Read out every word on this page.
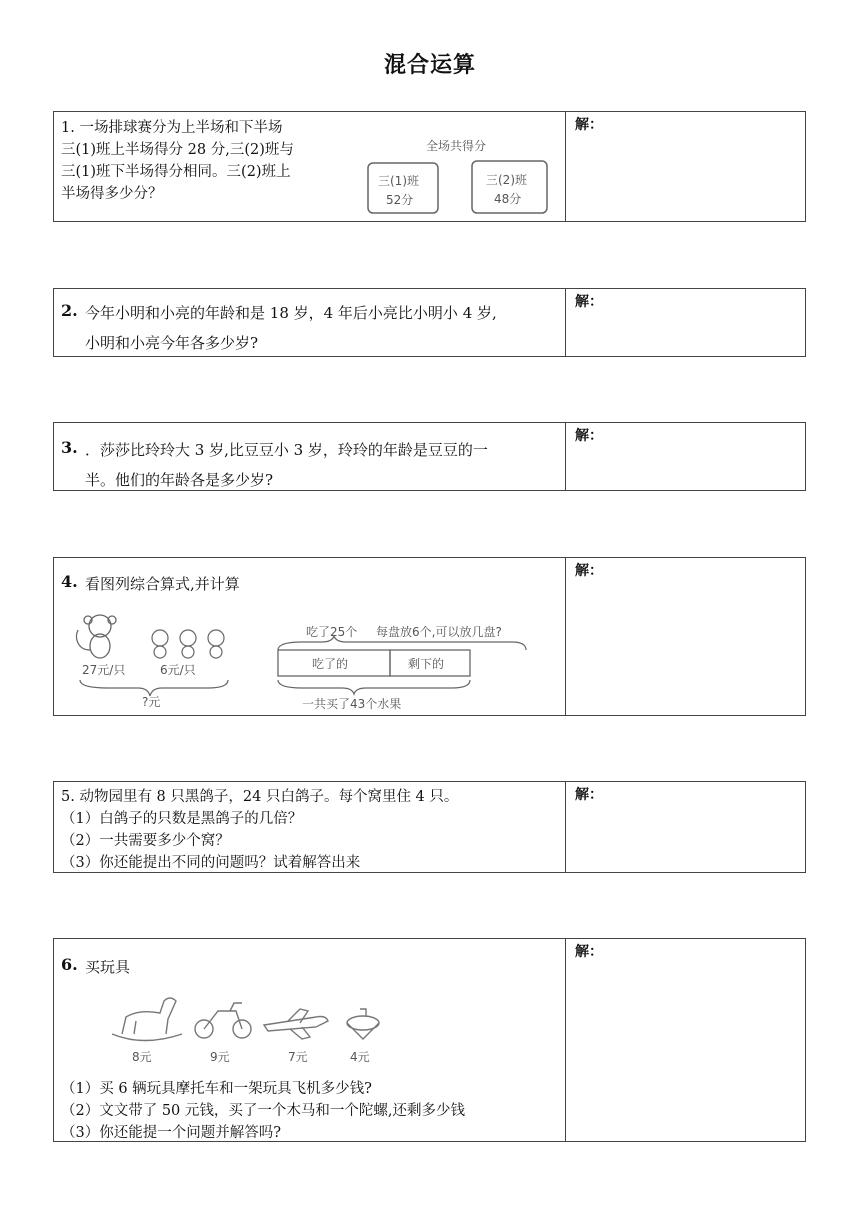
混合运算
1. 一场排球赛分为上半场和下半场
三(1)班上半场得分 28 分,三(2)班与
三(1)班下半场得分相同。三(2)班上
半场得多少分？
全场共得分
三(1)班
52分
三(2)班
48分
解：
2. 今年小明和小亮的年龄和是 18 岁，4 年后小亮比小明小 4 岁,
小明和小亮今年各多少岁?
解：
3. ．莎莎比玲玲大 3 岁,比豆豆小 3 岁，玲玲的年龄是豆豆的一
半。他们的年龄各是多少岁?
解：
4. 看图列综合算式,并计算
27元/只	6元/只
?元
吃了25个 每盘放6个,可以放几盘?
吃了的	剩下的
一共买了43个水果
解：
5. 动物园里有 8 只黑鸽子，24 只白鸽子。每个窝里住 4 只。
（1）白鸽子的只数是黑鸽子的几倍？
（2）一共需要多少个窝？
（3）你还能提出不同的问题吗？试着解答出来
解：
6. 买玩具
8元	9元	7元	4元
（1）买 6 辆玩具摩托车和一架玩具飞机多少钱?
（2）文文带了 50 元钱，买了一个木马和一个陀螺,还剩多少钱
（3）你还能提一个问题并解答吗?
解：
